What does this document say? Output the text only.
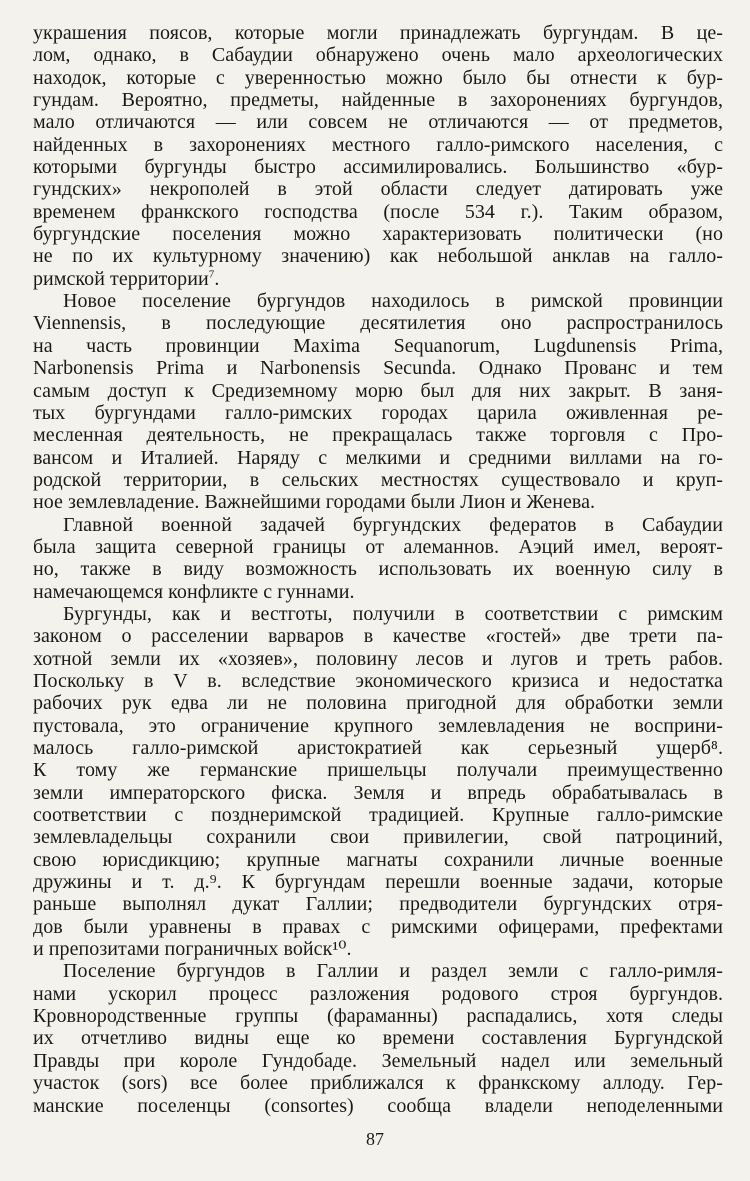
украшения поясов, которые могли принадлежать бургундам. В це-
лом, однако, в Сабаудии обнаружено очень мало археологических
находок, которые с уверенностью можно было бы отнести к бур-
гундам. Вероятно, предметы, найденные в захоронениях бургундов,
мало отличаются — или совсем не отличаются — от предметов,
найденных в захоронениях местного галло-римского населения, с
которыми бургунды быстро ассимилировались. Большинство «бур-
гундских» некрополей в этой области следует датировать уже
временем франкского господства (после 534 г.). Таким образом,
бургундские поселения можно характеризовать политически (но
не по их культурному значению) как небольшой анклав на галло-
римской территории$^7$.
Новое поселение бургундов находилось в римской провинции
Viennensis, в последующие десятилетия оно распространилось
на часть провинции Maxima Sequanorum, Lugdunensis Prima,
Narbonensis Prima и Narbonensis Secunda. Однако Прованс и тем
самым доступ к Средиземному морю был для них закрыт. В заня-
тых бургундами галло-римских городах царила оживленная ре-
месленная деятельность, не прекращалась также торговля с Про-
вансом и Италией. Наряду с мелкими и средними виллами на го-
родской территории, в сельских местностях существовало и круп-
ное землевладение. Важнейшими городами были Лион и Женева.
Главной военной задачей бургундских федератов в Сабаудии
была защита северной границы от алеманнов. Аэций имел, вероят-
но, также в виду возможность использовать их военную силу в
намечающемся конфликте с гуннами.
Бургунды, как и вестготы, получили в соответствии с римским
законом о расселении варваров в качестве «гостей» две трети па-
хотной земли их «хозяев», половину лесов и лугов и треть рабов.
Поскольку в V в. вследствие экономического кризиса и недостатка
рабочих рук едва ли не половина пригодной для обработки земли
пустовала, это ограничение крупного землевладения не восприни-
малось галло-римской аристократией как серьезный ущерб⁸.
К тому же германские пришельцы получали преимущественно
земли императорского фиска. Земля и впредь обрабатывалась в
соответствии с позднеримской традицией. Крупные галло-римские
землевладельцы сохранили свои привилегии, свой патроциний,
свою юрисдикцию; крупные магнаты сохранили личные военные
дружины и т. д.⁹. К бургундам перешли военные задачи, которые
раньше выполнял дукат Галлии; предводители бургундских отря-
дов были уравнены в правах с римскими офицерами, префектами
и препозитами пограничных войск¹⁰.
Поселение бургундов в Галлии и раздел земли с галло-римля-
нами ускорил процесс разложения родового строя бургундов.
Кровнородственные группы (фараманны) распадались, хотя следы
их отчетливо видны еще ко времени составления Бургундской
Правды при короле Гундобаде. Земельный надел или земельный
участок (sors) все более приближался к франкскому аллоду. Гер-
манские поселенцы (consortes) сообща владели неподеленными
87
